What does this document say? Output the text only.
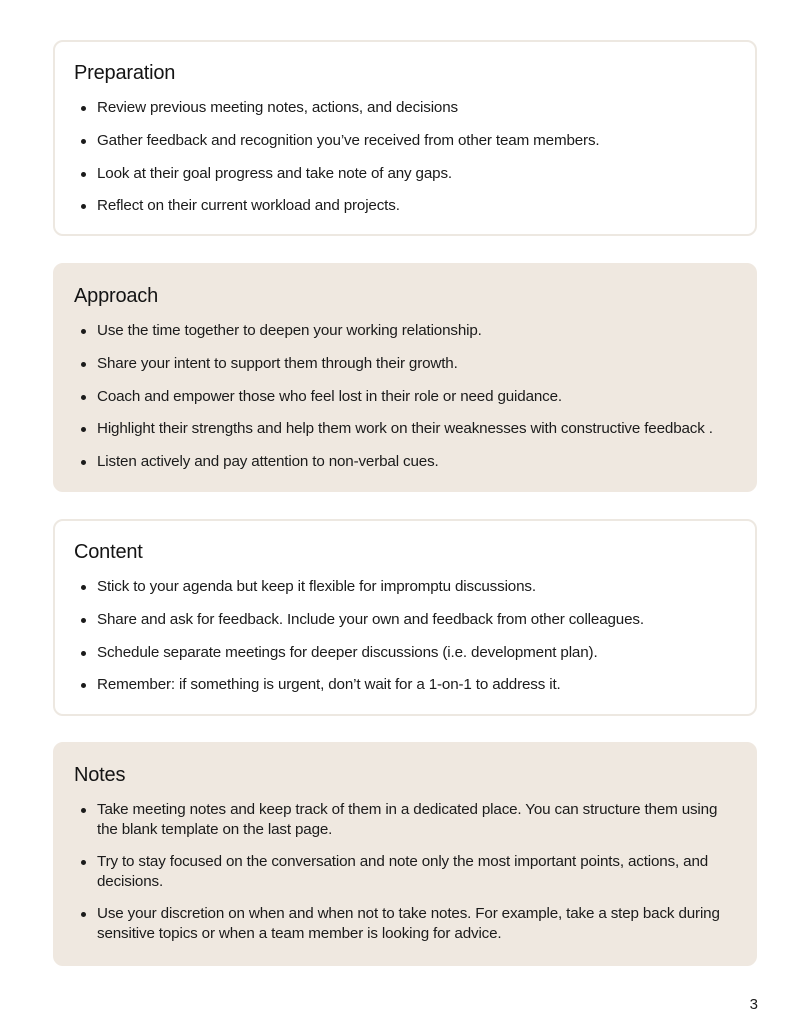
Preparation
Review previous meeting notes, actions, and decisions
Gather feedback and recognition you’ve received from other team members.
Look at their goal progress and take note of any gaps.
Reflect on their current workload and projects.
Approach
Use the time together to deepen your working relationship.
Share your intent to support them through their growth.
Coach and empower those who feel lost in their role or need guidance.
Highlight their strengths and help them work on their weaknesses with constructive feedback .
Listen actively and pay attention to non-verbal cues.
Content
Stick to your agenda but keep it flexible for impromptu discussions.
Share and ask for feedback. Include your own and feedback from other colleagues.
Schedule separate meetings for deeper discussions (i.e. development plan).
Remember: if something is urgent, don’t wait for a 1-on-1 to address it.
Notes
Take meeting notes and keep track of them in a dedicated place. You can structure them using the blank template on the last page.
Try to stay focused on the conversation and note only the most important points, actions, and decisions.
Use your discretion on when and when not to take notes. For example, take a step back during sensitive topics or when a team member is looking for advice.
3
